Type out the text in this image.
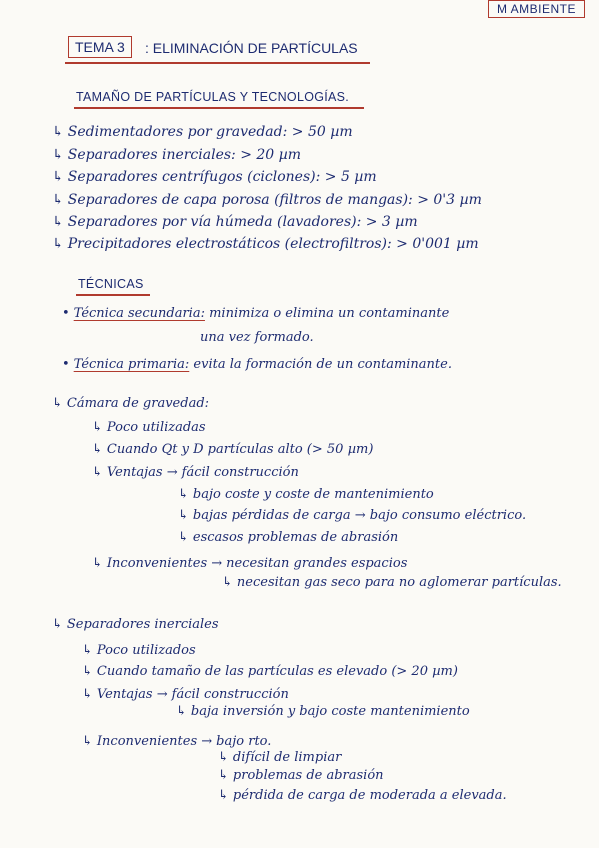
M AMBIENTE
TEMA 3	: ELIMINACIÓN DE PARTÍCULAS
TAMAÑO DE PARTÍCULAS Y TECNOLOGÍAS.
↳ Sedimentadores por gravedad: > 50 µm
↳ Separadores inerciales: > 20 µm
↳ Separadores centrífugos (ciclones): > 5 µm
↳ Separadores de capa porosa (filtros de mangas): > 0'3 µm
↳ Separadores por vía húmeda (lavadores): > 3 µm
↳ Precipitadores electrostáticos (electrofiltros): > 0'001 µm
TÉCNICAS
• Técnica secundaria: minimiza o elimina un contaminante
una vez formado.
• Técnica primaria: evita la formación de un contaminante.
↳ Cámara de gravedad:
↳ Poco utilizadas
↳ Cuando Qt y D partículas alto (> 50 µm)
↳ Ventajas → fácil construcción
↳ bajo coste y coste de mantenimiento
↳ bajas pérdidas de carga → bajo consumo eléctrico.
↳ escasos problemas de abrasión
↳ Inconvenientes → necesitan grandes espacios
↳ necesitan gas seco para no aglomerar partículas.
↳ Separadores inerciales
↳ Poco utilizados
↳ Cuando tamaño de las partículas es elevado (> 20 µm)
↳ Ventajas → fácil construcción
↳ baja inversión y bajo coste mantenimiento
↳ Inconvenientes → bajo rto.
↳ difícil de limpiar
↳ problemas de abrasión
↳ pérdida de carga de moderada a elevada.
